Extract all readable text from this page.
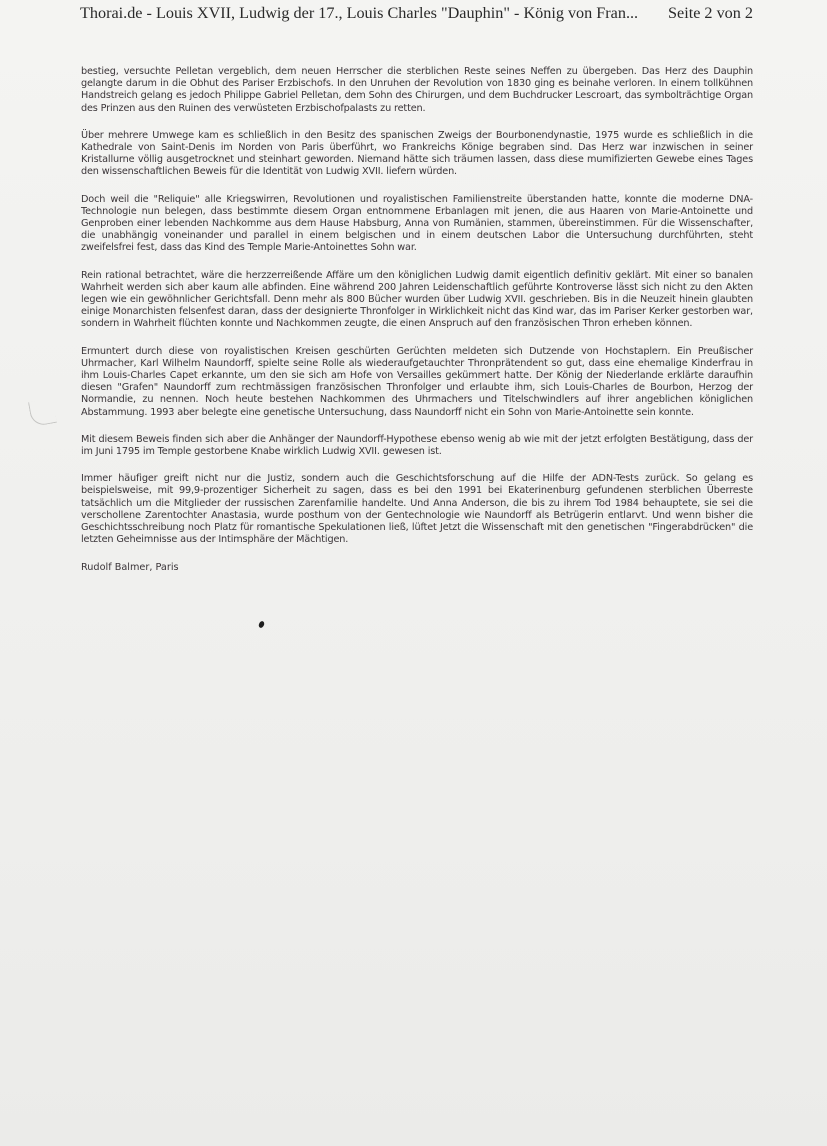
Thorai.de - Louis XVII, Ludwig der 17., Louis Charles "Dauphin" - König von Fran... Seite 2 von 2

bestieg, versuchte Pelletan vergeblich, dem neuen Herrscher die sterblichen Reste seines Neffen zu übergeben. Das Herz des Dauphin gelangte darum in die Obhut des Pariser Erzbischofs. In den Unruhen der Revolution von 1830 ging es beinahe verloren. In einem tollkühnen Handstreich gelang es jedoch Philippe Gabriel Pelletan, dem Sohn des Chirurgen, und dem Buchdrucker Lescroart, das symbolträchtige Organ des Prinzen aus den Ruinen des verwüsteten Erzbischofpalasts zu retten.

Über mehrere Umwege kam es schließlich in den Besitz des spanischen Zweigs der Bourbonendynastie, 1975 wurde es schließlich in die Kathedrale von Saint-Denis im Norden von Paris überführt, wo Frankreichs Könige begraben sind. Das Herz war inzwischen in seiner Kristallurne völlig ausgetrocknet und steinhart geworden. Niemand hätte sich träumen lassen, dass diese mumifizierten Gewebe eines Tages den wissenschaftlichen Beweis für die Identität von Ludwig XVII. liefern würden.

Doch weil die "Reliquie" alle Kriegswirren, Revolutionen und royalistischen Familienstreite überstanden hatte, konnte die moderne DNA-Technologie nun belegen, dass bestimmte diesem Organ entnommene Erbanlagen mit jenen, die aus Haaren von Marie-Antoinette und Genproben einer lebenden Nachkomme aus dem Hause Habsburg, Anna von Rumänien, stammen, übereinstimmen. Für die Wissenschafter, die unabhängig voneinander und parallel in einem belgischen und in einem deutschen Labor die Untersuchung durchführten, steht zweifelsfrei fest, dass das Kind des Temple Marie-Antoinettes Sohn war.

Rein rational betrachtet, wäre die herzzerreißende Affäre um den königlichen Ludwig damit eigentlich definitiv geklärt. Mit einer so banalen Wahrheit werden sich aber kaum alle abfinden. Eine während 200 Jahren Leidenschaftlich geführte Kontroverse lässt sich nicht zu den Akten legen wie ein gewöhnlicher Gerichtsfall. Denn mehr als 800 Bücher wurden über Ludwig XVII. geschrieben. Bis in die Neuzeit hinein glaubten einige Monarchisten felsenfest daran, dass der designierte Thronfolger in Wirklichkeit nicht das Kind war, das im Pariser Kerker gestorben war, sondern in Wahrheit flüchten konnte und Nachkommen zeugte, die einen Anspruch auf den französischen Thron erheben können.

Ermuntert durch diese von royalistischen Kreisen geschürten Gerüchten meldeten sich Dutzende von Hochstaplern. Ein Preußischer Uhrmacher, Karl Wilhelm Naundorff, spielte seine Rolle als wiederaufgetauchter Thronprätendent so gut, dass eine ehemalige Kinderfrau in ihm Louis-Charles Capet erkannte, um den sie sich am Hofe von Versailles gekümmert hatte. Der König der Niederlande erklärte daraufhin diesen "Grafen" Naundorff zum rechtmässigen französischen Thronfolger und erlaubte ihm, sich Louis-Charles de Bourbon, Herzog der Normandie, zu nennen. Noch heute bestehen Nachkommen des Uhrmachers und Titelschwindlers auf ihrer angeblichen königlichen Abstammung. 1993 aber belegte eine genetische Untersuchung, dass Naundorff nicht ein Sohn von Marie-Antoinette sein konnte.

Mit diesem Beweis finden sich aber die Anhänger der Naundorff-Hypothese ebenso wenig ab wie mit der jetzt erfolgten Bestätigung, dass der im Juni 1795 im Temple gestorbene Knabe wirklich Ludwig XVII. gewesen ist.

Immer häufiger greift nicht nur die Justiz, sondern auch die Geschichtsforschung auf die Hilfe der ADN-Tests zurück. So gelang es beispielsweise, mit 99,9-prozentiger Sicherheit zu sagen, dass es bei den 1991 bei Ekaterinenburg gefundenen sterblichen Überreste tatsächlich um die Mitglieder der russischen Zarenfamilie handelte. Und Anna Anderson, die bis zu ihrem Tod 1984 behauptete, sie sei die verschollene Zarentochter Anastasia, wurde posthum von der Gentechnologie wie Naundorff als Betrügerin entlarvt. Und wenn bisher die Geschichtsschreibung noch Platz für romantische Spekulationen ließ, lüftet Jetzt die Wissenschaft mit den genetischen "Fingerabdrücken" die letzten Geheimnisse aus der Intimsphäre der Mächtigen.

Rudolf Balmer, Paris
